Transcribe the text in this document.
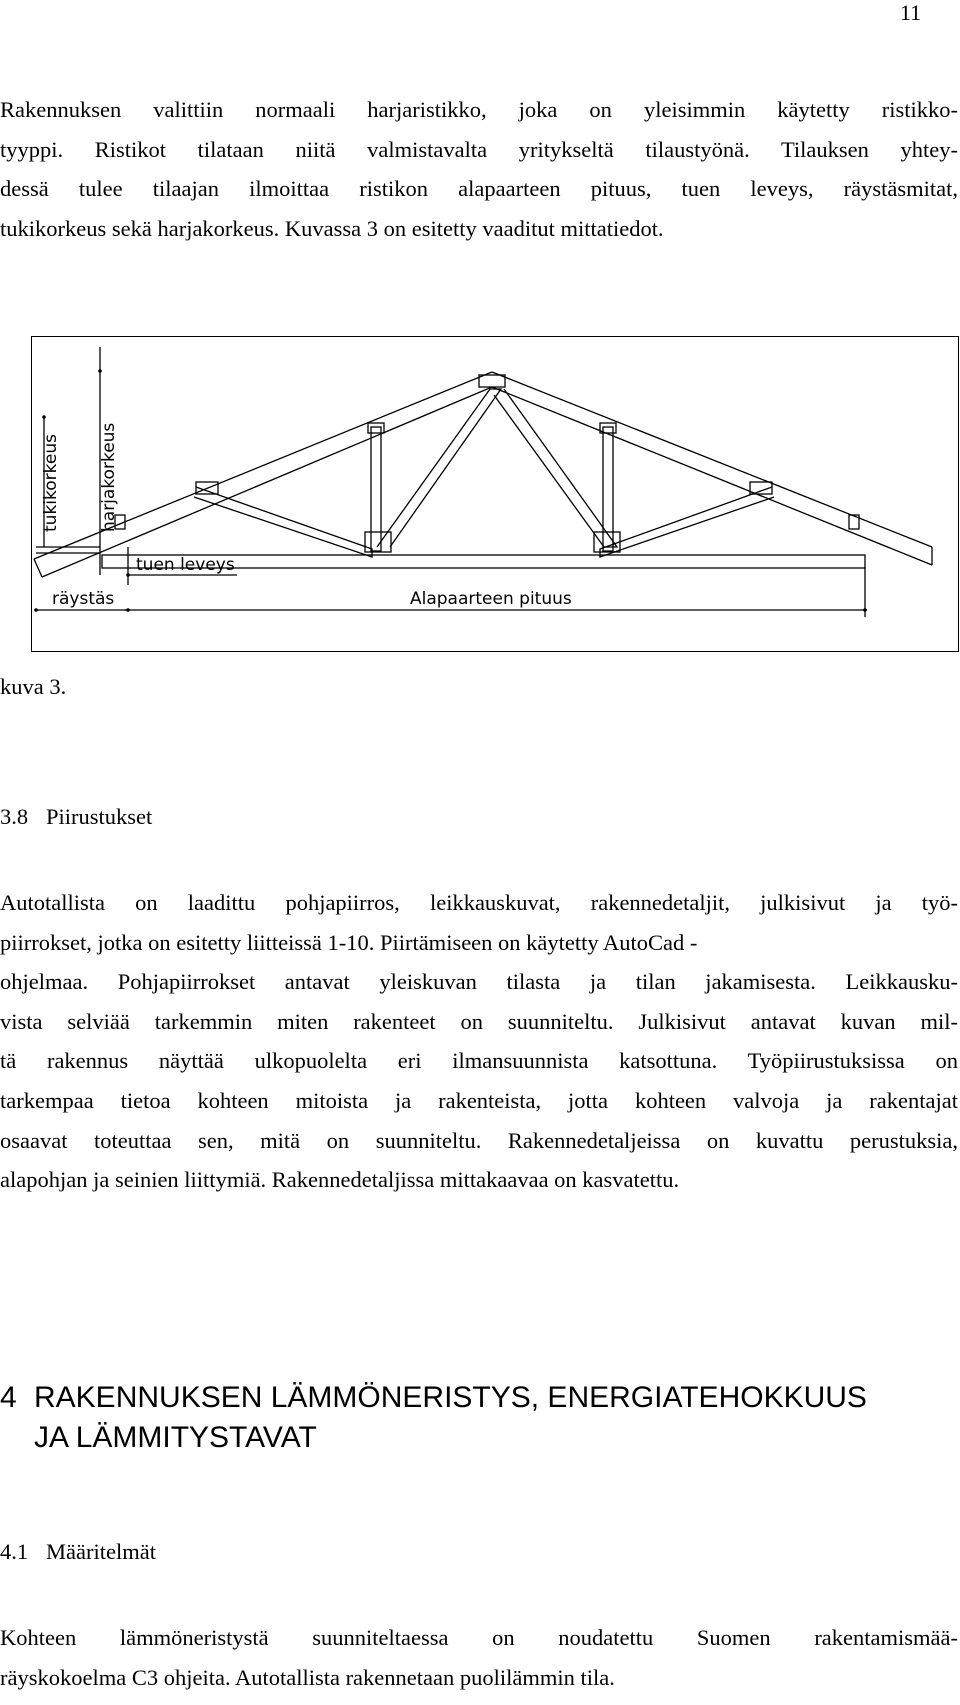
11
Rakennuksen valittiin normaali harjaristikko, joka on yleisimmin käytetty ristikko-
tyyppi. Ristikot tilataan niitä valmistavalta yritykseltä tilaustyönä. Tilauksen yhtey-
dessä tulee tilaajan ilmoittaa ristikon alapaarteen pituus, tuen leveys, räystäsmitat,
tukikorkeus sekä harjakorkeus. Kuvassa 3 on esitetty vaaditut mittatiedot.
tukikorkeus harjakorkeus
tuen leveys
räystäs	Alapaarteen pituus
kuva 3.
3.8 Piirustukset
Autotallista on laadittu pohjapiirros, leikkauskuvat, rakennedetaljit, julkisivut ja työ-
piirrokset, jotka on esitetty liitteissä 1-10. Piirtämiseen on käytetty AutoCad -
ohjelmaa. Pohjapiirrokset antavat yleiskuvan tilasta ja tilan jakamisesta. Leikkausku-
vista selviää tarkemmin miten rakenteet on suunniteltu. Julkisivut antavat kuvan mil-
tä rakennus näyttää ulkopuolelta eri ilmansuunnista katsottuna. Työpiirustuksissa on
tarkempaa tietoa kohteen mitoista ja rakenteista, jotta kohteen valvoja ja rakentajat
osaavat toteuttaa sen, mitä on suunniteltu. Rakennedetaljeissa on kuvattu perustuksia,
alapohjan ja seinien liittymiä. Rakennedetaljissa mittakaavaa on kasvatettu.
4 RAKENNUKSEN LÄMMÖNERISTYS, ENERGIATEHOKKUUS
JA LÄMMITYSTAVAT
4.1 Määritelmät
Kohteen lämmöneristystä suunniteltaessa on noudatettu Suomen rakentamismää-
räyskokoelma C3 ohjeita. Autotallista rakennetaan puolilämmin tila.
